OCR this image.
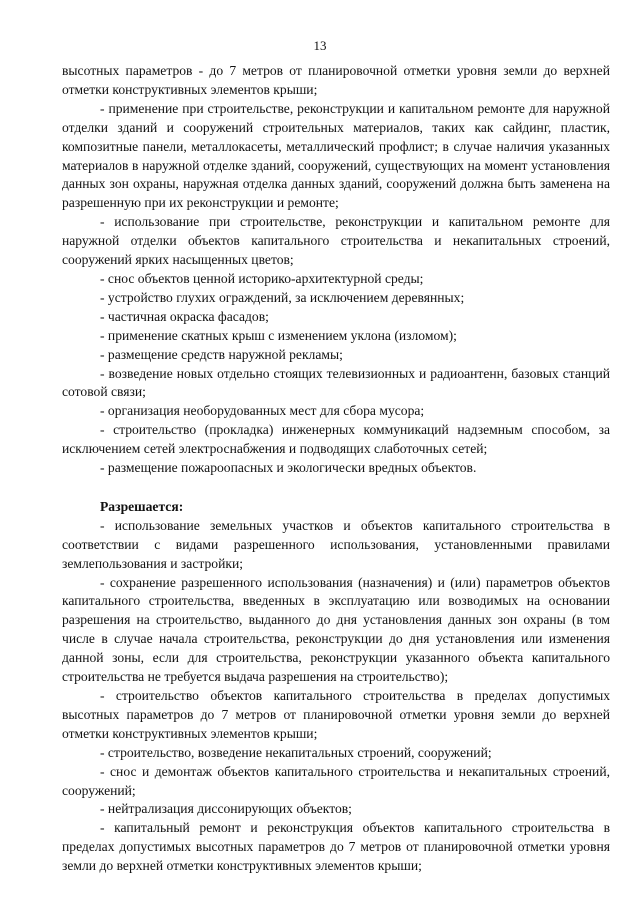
13

высотных параметров - до 7 метров от планировочной отметки уровня земли до верхней отметки конструктивных элементов крыши;

- применение при строительстве, реконструкции и капитальном ремонте для наружной отделки зданий и сооружений строительных материалов, таких как сайдинг, пластик, композитные панели, металлокасеты, металлический профлист; в случае наличия указанных материалов в наружной отделке зданий, сооружений, существующих на момент установления данных зон охраны, наружная отделка данных зданий, сооружений должна быть заменена на разрешенную при их реконструкции и ремонте;

- использование при строительстве, реконструкции и капитальном ремонте для наружной отделки объектов капитального строительства и некапитальных строений, сооружений ярких насыщенных цветов;

- снос объектов ценной историко-архитектурной среды;

- устройство глухих ограждений, за исключением деревянных;

- частичная окраска фасадов;

- применение скатных крыш с изменением уклона (изломом);

- размещение средств наружной рекламы;

- возведение новых отдельно стоящих телевизионных и радиоантенн, базовых станций сотовой связи;

- организация необорудованных мест для сбора мусора;

- строительство (прокладка) инженерных коммуникаций надземным способом, за исключением сетей электроснабжения и подводящих слаботочных сетей;

- размещение пожароопасных и экологически вредных объектов.

Разрешается:

- использование земельных участков и объектов капитального строительства в соответствии с видами разрешенного использования, установленными правилами землепользования и застройки;

- сохранение разрешенного использования (назначения) и (или) параметров объектов капитального строительства, введенных в эксплуатацию или возводимых на основании разрешения на строительство, выданного до дня установления данных зон охраны (в том числе в случае начала строительства, реконструкции до дня установления или изменения данной зоны, если для строительства, реконструкции указанного объекта капитального строительства не требуется выдача разрешения на строительство);

- строительство объектов капитального строительства в пределах допустимых высотных параметров до 7 метров от планировочной отметки уровня земли до верхней отметки конструктивных элементов крыши;

- строительство, возведение некапитальных строений, сооружений;

- снос и демонтаж объектов капитального строительства и некапитальных строений, сооружений;

- нейтрализация диссонирующих объектов;

- капитальный ремонт и реконструкция объектов капитального строительства в пределах допустимых высотных параметров до 7 метров от планировочной отметки уровня земли до верхней отметки конструктивных элементов крыши;
